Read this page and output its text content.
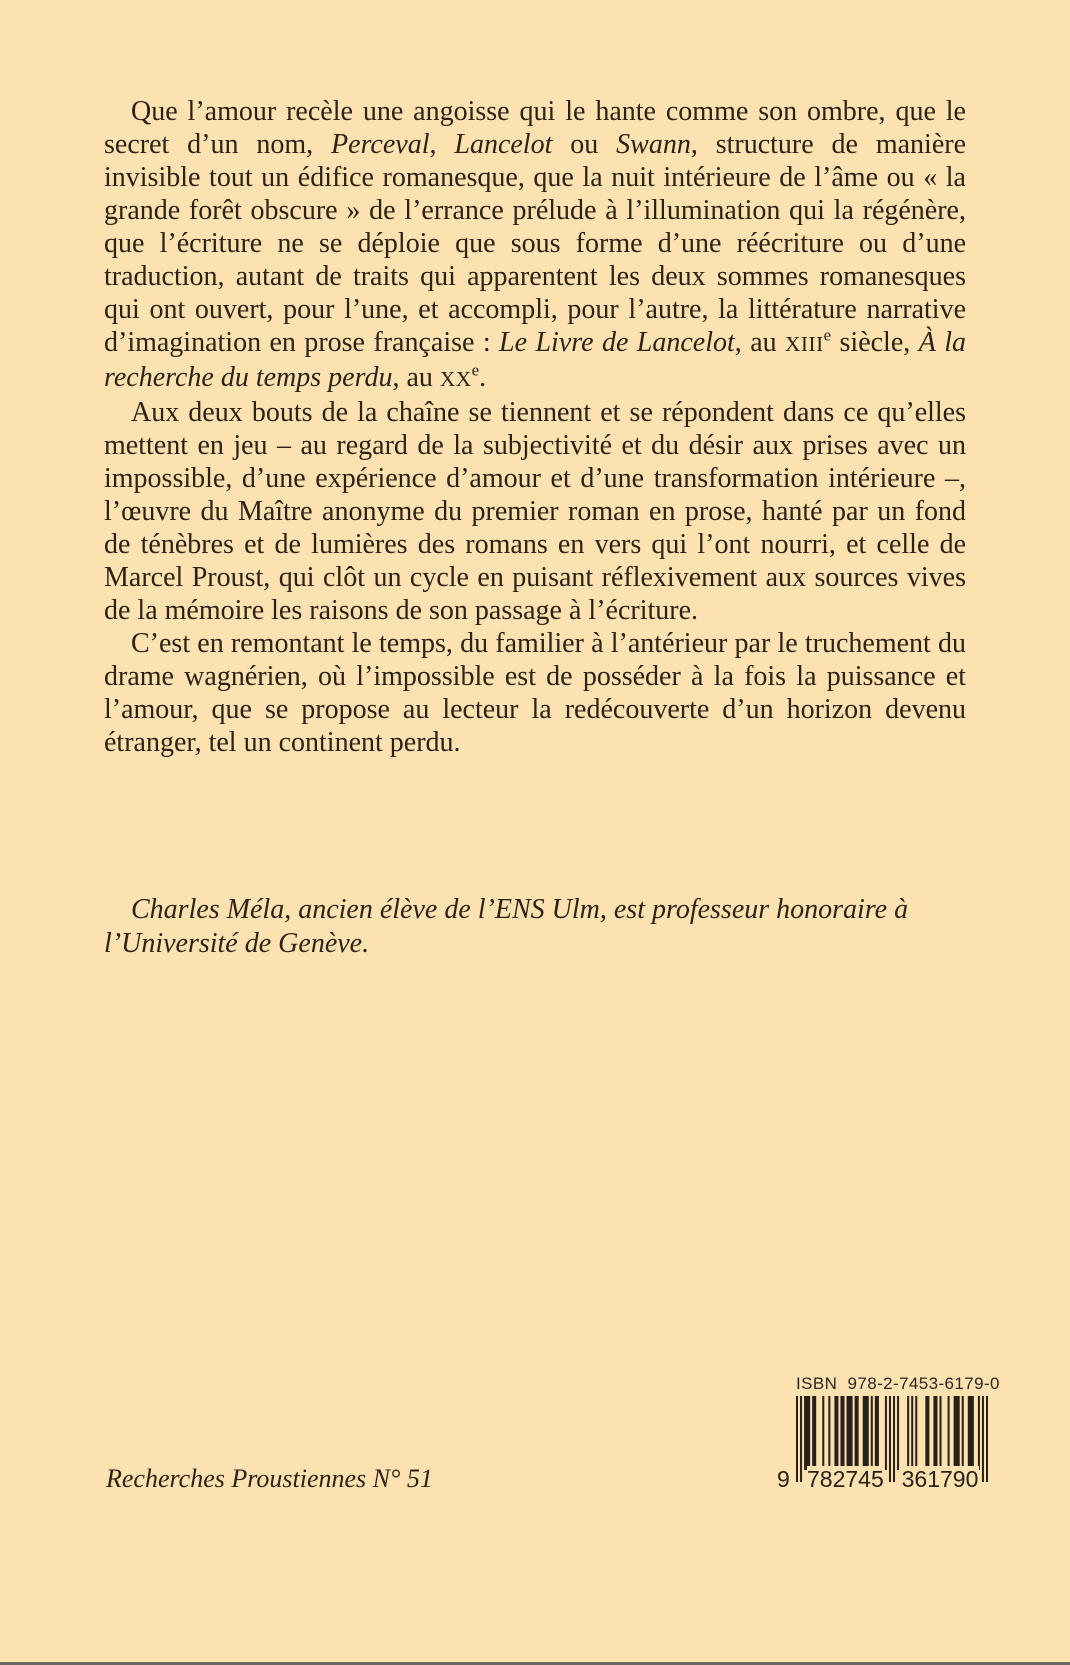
Que l’amour recèle une angoisse qui le hante comme son ombre, que le secret d’un nom, Perceval, Lancelot ou Swann, structure de manière invisible tout un édifice romanesque, que la nuit intérieure de l’âme ou « la grande forêt obscure » de l’errance prélude à l’illumination qui la régénère, que l’écriture ne se déploie que sous forme d’une réécriture ou d’une traduction, autant de traits qui apparentent les deux sommes romanesques qui ont ouvert, pour l’une, et accompli, pour l’autre, la littérature narrative d’imagination en prose française : Le Livre de Lancelot, au XIIIe siècle, À la recherche du temps perdu, au XXe.

Aux deux bouts de la chaîne se tiennent et se répondent dans ce qu’elles mettent en jeu – au regard de la subjectivité et du désir aux prises avec un impossible, d’une expérience d’amour et d’une transformation intérieure –, l’œuvre du Maître anonyme du premier roman en prose, hanté par un fond de ténèbres et de lumières des romans en vers qui l’ont nourri, et celle de Marcel Proust, qui clôt un cycle en puisant réflexivement aux sources vives de la mémoire les raisons de son passage à l’écriture.

C’est en remontant le temps, du familier à l’antérieur par le truchement du drame wagnérien, où l’impossible est de posséder à la fois la puissance et l’amour, que se propose au lecteur la redécouverte d’un horizon devenu étranger, tel un continent perdu.

Charles Méla, ancien élève de l’ENS Ulm, est professeur honoraire à l’Université de Genève.

Recherches Proustiennes N° 51

ISBN  978-2-7453-6179-0
9 782745 361790
